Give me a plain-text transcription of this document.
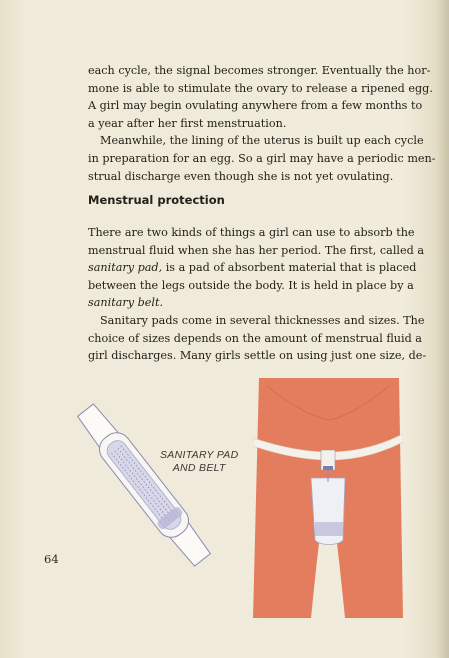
each cycle, the signal becomes stronger. Eventually the hor-
mone is able to stimulate the ovary to release a ripened egg.
A girl may begin ovulating anywhere from a few months to
a year after her first menstruation.
Meanwhile, the lining of the uterus is built up each cycle
in preparation for an egg. So a girl may have a periodic men-
strual discharge even though she is not yet ovulating.
Menstrual protection
There are two kinds of things a girl can use to absorb the
menstrual fluid when she has her period. The first, called a
sanitary pad, is a pad of absorbent material that is placed
between the legs outside the body. It is held in place by a
sanitary belt.
Sanitary pads come in several thicknesses and sizes. The
choice of sizes depends on the amount of menstrual fluid a
girl discharges. Many girls settle on using just one size, de-
SANITARY PAD
AND BELT
64
